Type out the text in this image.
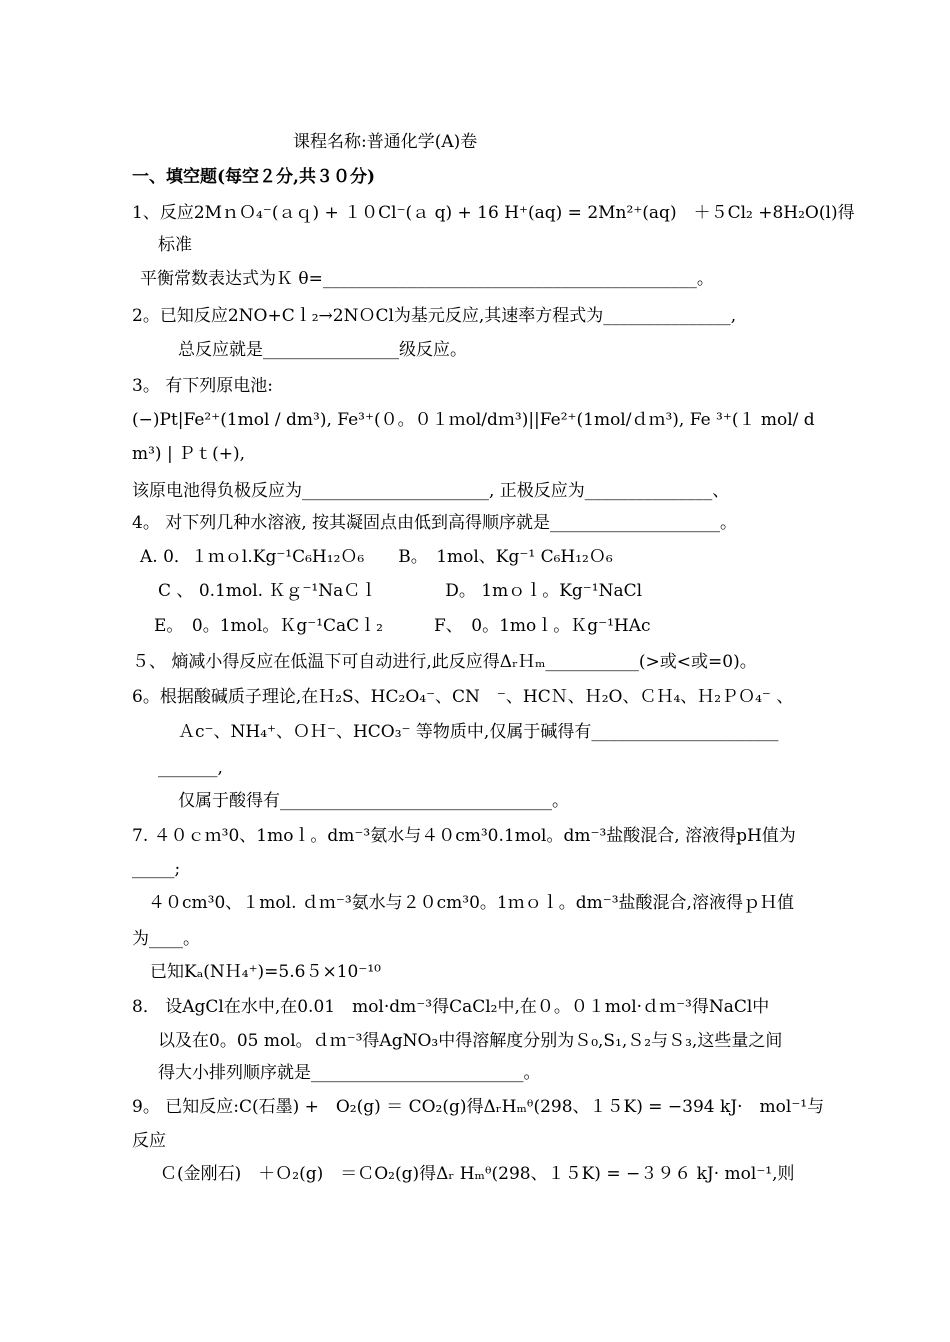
课程名称:普通化学(A)卷
一、填空题(每空２分,共３０分)
1、反应2MｎＯ₄⁻(ａｑ) + １０Cl⁻(ａ q) + 16 H⁺(aq) = 2Mn²⁺(aq)　＋５Cl₂ +8H₂O(l)得
标准
平衡常数表达式为Ｋ θ=____________________________________________。
2。已知反应2NO+Cｌ₂→2NＯCl为基元反应,其速率方程式为_______________,
总反应就是________________级反应。
3。 有下列原电池:
(−)Pt|Fe²⁺(1mol / dm³), Fe³⁺(０。０１ｍol/dｍ³)||Fe²⁺(1mol/ｄｍ³), Fe ³⁺(１ mol/ d
m³) | Ｐｔ(+),
该原电池得负极反应为______________________, 正极反应为_______________、
4。 对下列几种水溶液, 按其凝固点由低到高得顺序就是____________________。
A. 0．１ｍｏl.Kg⁻¹C₆H₁₂Ｏ₆　　B。　1mol、Kg⁻¹ C₆H₁₂Ｏ₆
C 、 0.1mol. Ｋｇ⁻¹NaＣｌ　　　　D。 1mｏｌ。Kg⁻¹NaCl
E。　0。1mol。Ｋg⁻¹CaCｌ₂　　　F、　0。1moｌ。Ｋg⁻¹HAc
５、 熵减小得反应在低温下可自动进行,此反应得ΔᵣＨₘ___________(>或<或=0)。
6。根据酸碱质子理论,在Ｈ₂S、HC₂O₄⁻、CN　⁻、HCＮ、Ｈ₂O、ＣＨ₄、Ｈ₂ＰＯ₄⁻ 、
Ａc⁻、NH₄⁺、ＯＨ⁻、HCO₃⁻ 等物质中,仅属于碱得有______________________
_______,
仅属于酸得有________________________________。
7. ４０ｃｍ³0、1moｌ。dm⁻³氨水与４０cm³0.1mol。dm⁻³盐酸混合, 溶液得pH值为
_____;
４０cm³0、１mol. ｄｍ⁻³氨水与２０cm³0。1ｍｏｌ。dm⁻³盐酸混合,溶液得ｐＨ值
为____。
已知Kₐ(NＨ₄⁺)=5.6５×10⁻¹⁰
8． 设AgCl在水中,在0.01　mol·dm⁻³得CaCl₂中,在０。０１mol·ｄｍ⁻³得NaCl中
以及在0。05 mol。ｄｍ⁻³得AgNO₃中得溶解度分别为Ｓ₀,S₁,Ｓ₂与Ｓ₃,这些量之间
得大小排列顺序就是_________________________。
9。 已知反应:C(石墨) +　O₂(g) ＝ CO₂(g)得ΔᵣHₘᶿ(298、１５K) = −394 kJ·　mol⁻¹与
反应
Ｃ(金刚石)　＋Ｏ₂(g)　＝ＣO₂(g)得Δᵣ Hₘᶿ(298、１５K) = −３９６ kJ· mol⁻¹,则
